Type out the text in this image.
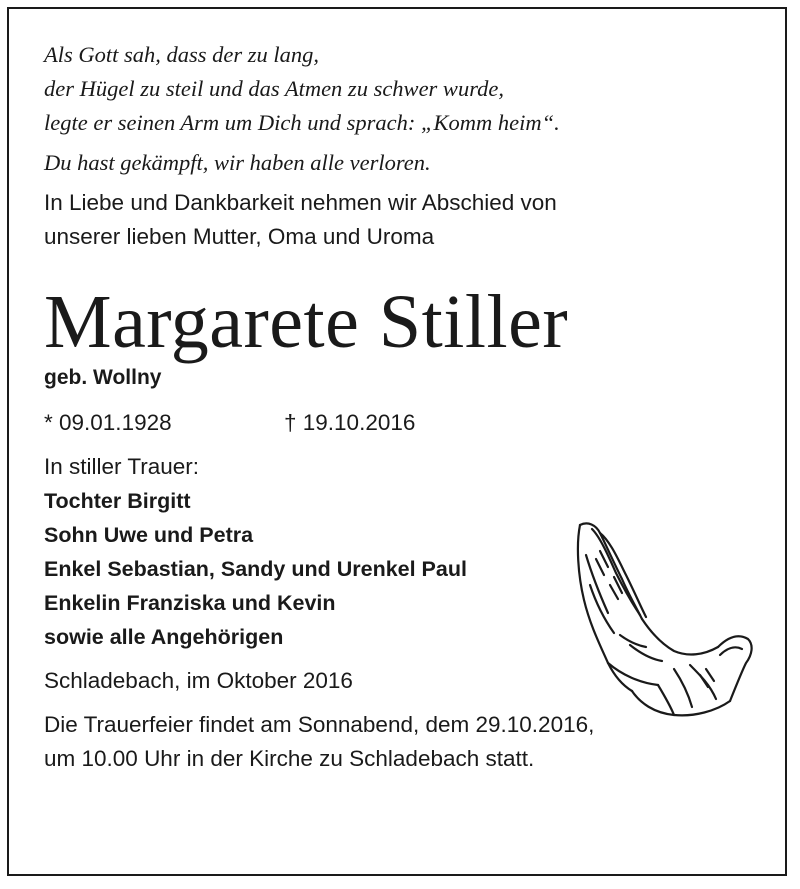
Als Gott sah, dass der zu lang,
der Hügel zu steil und das Atmen zu schwer wurde,
legte er seinen Arm um Dich und sprach: „Komm heim“.
Du hast gekämpft, wir haben alle verloren.
In Liebe und Dankbarkeit nehmen wir Abschied von
unserer lieben Mutter, Oma und Uroma
Margarete Stiller
geb. Wollny
* 09.01.1928	† 19.10.2016
In stiller Trauer:
Tochter Birgitt
Sohn Uwe und Petra
Enkel Sebastian, Sandy und Urenkel Paul
Enkelin Franziska und Kevin
sowie alle Angehörigen
Schladebach, im Oktober 2016
Die Trauerfeier findet am Sonnabend, dem 29.10.2016,
um 10.00 Uhr in der Kirche zu Schladebach statt.
